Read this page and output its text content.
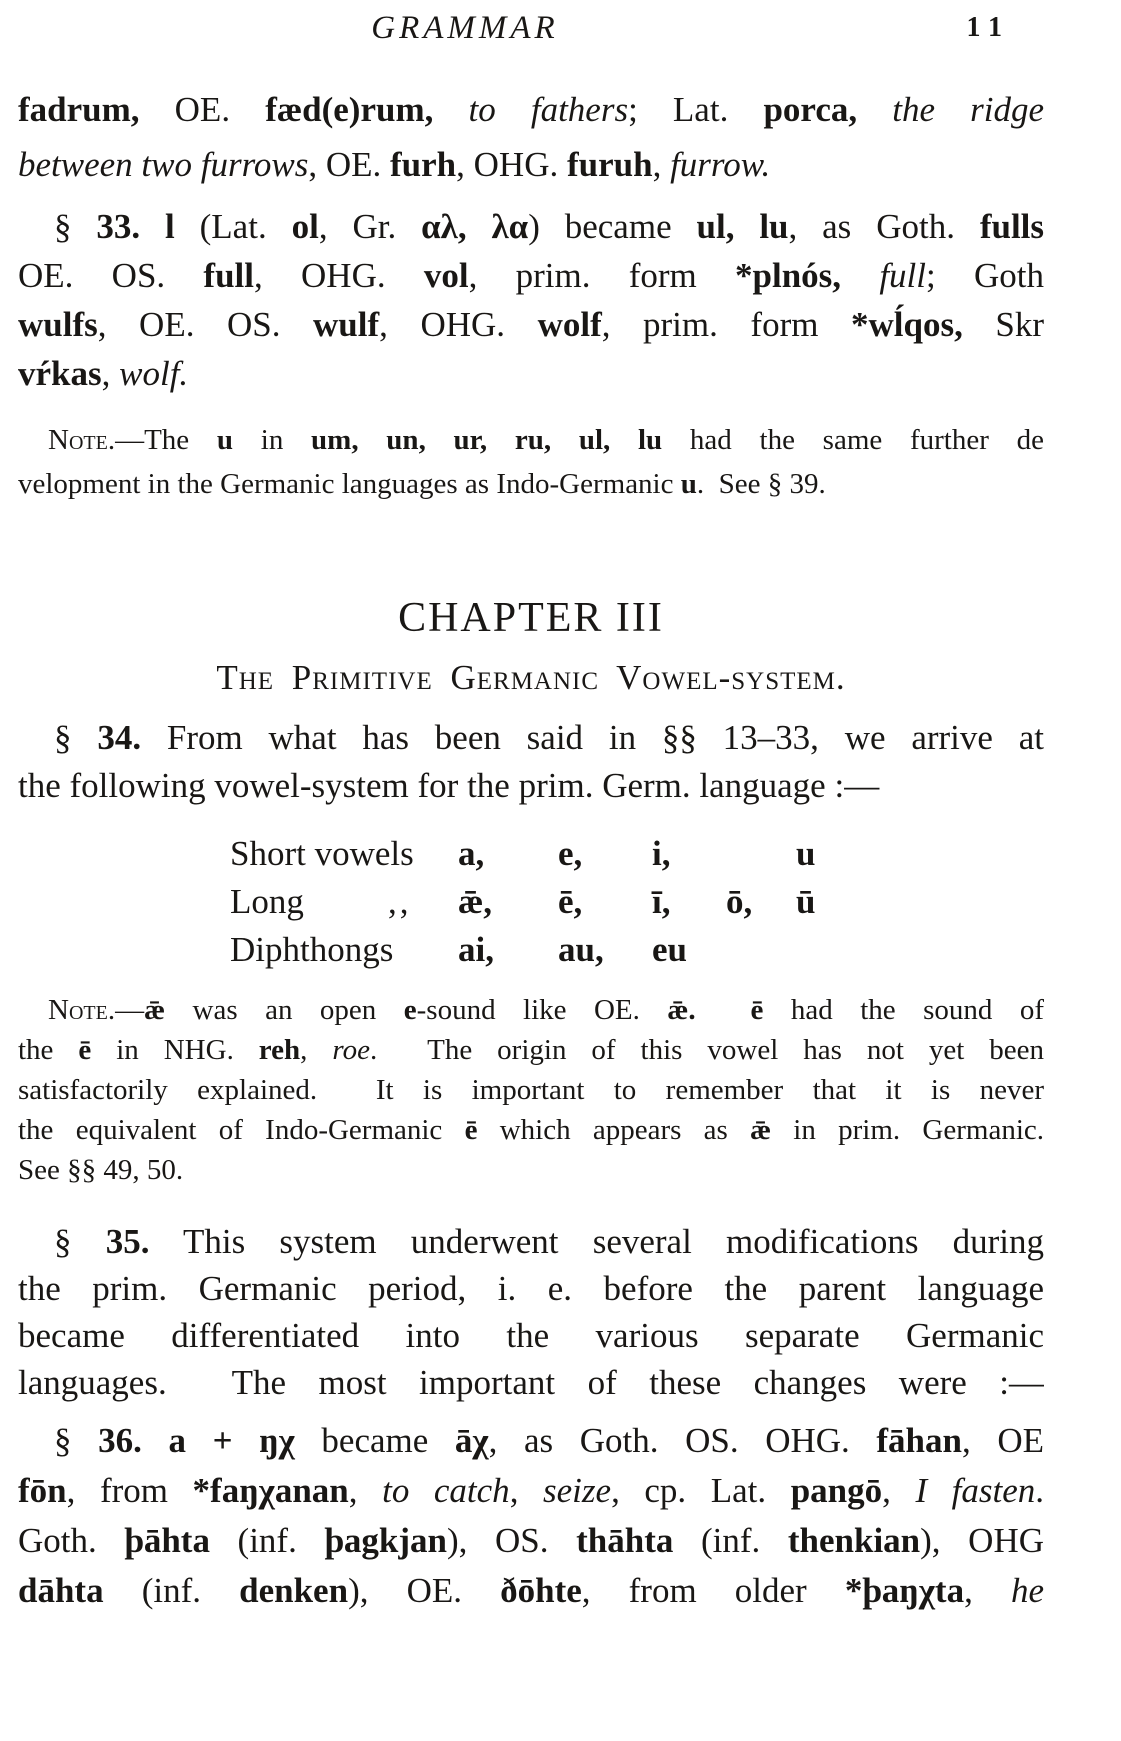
GRAMMAR	11
fadrum, OE. fæd(e)rum, to fathers; Lat. porca, the ridge
between two furrows, OE. furh, OHG. furuh, furrow.
§ 33. l (Lat. ol, Gr. αλ, λα) became ul, lu, as Goth. fulls
OE. OS. full, OHG. vol, prim. form *plnós, full; Goth
wulfs, OE. OS. wulf, OHG. wolf, prim. form *wĺqos, Skr
vŕkas, wolf.
Note.—The u in um, un, ur, ru, ul, lu had the same further de
velopment in the Germanic languages as Indo-Germanic u.  See § 39.
CHAPTER III
The Primitive Germanic Vowel-system.
§ 34. From what has been said in §§ 13–33, we arrive at
the following vowel-system for the prim. Germ. language :—
Short vowels a, e, i,	u
Long ,, ǣ, ē, ī, ō, ū
Diphthongs ai, au, eu
Note.—ǣ was an open e-sound like OE. ǣ. ē had the sound of
the ē in NHG. reh, roe.  The origin of this vowel has not yet been
satisfactorily explained.  It is important to remember that it is never
the equivalent of Indo-Germanic ē which appears as ǣ in prim. Germanic.
See §§ 49, 50.
§ 35. This system underwent several modifications during
the prim. Germanic period, i. e. before the parent language
became differentiated into the various separate Germanic
languages.  The most important of these changes were :—
§ 36. a + ŋχ became āχ, as Goth. OS. OHG. fāhan, OE
fōn, from *faŋχanan, to catch, seize, cp. Lat. pangō, I fasten.
Goth. þāhta (inf. þagkjan), OS. thāhta (inf. thenkian), OHG
dāhta (inf. denken), OE. ðōhte, from older *þaŋχta, he
